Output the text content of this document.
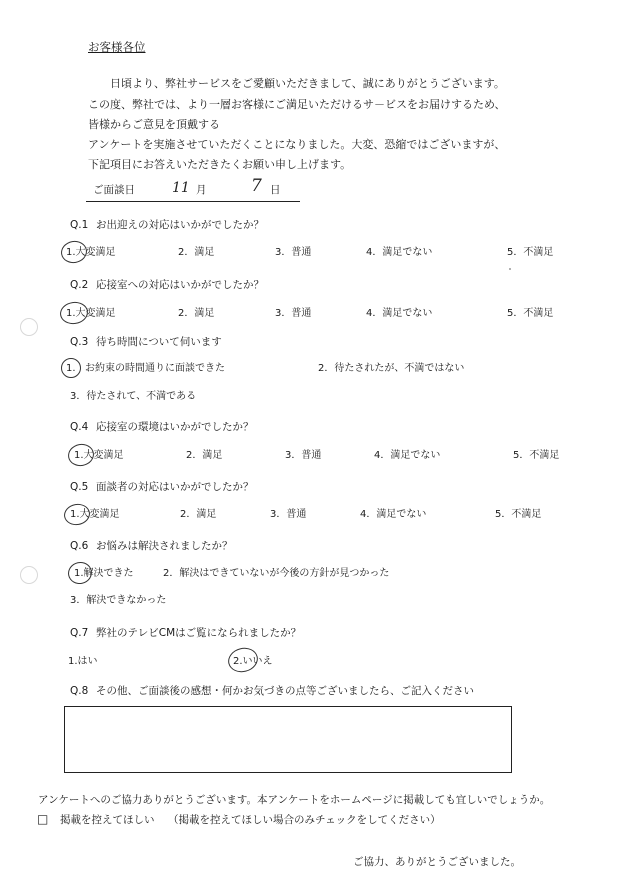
お客様各位
日頃より、弊社サービスをご愛顧いただきまして、誠にありがとうございます。
この度、弊社では、より一層お客様にご満足いただけるサ－ビスをお届けするため、
皆様からご意見を頂戴する
アンケートを実施させていただくことになりました。大変、恐縮ではございますが、
下記項目にお答えいただきたくお願い申し上げます。
ご面談日	11 月	7 日
Q.1 お出迎えの対応はいかがでしたか？
1.大変満足	2．満足	3．普通	4．満足でない	5．不満足
Q.2 応接室への対応はいかがでしたか？
1.大変満足	2．満足	3．普通	4．満足でない	5．不満足
Q.3 待ち時間について伺います
1. お約束の時間通りに面談できた	2．待たされたが、不満ではない
3．待たされて、不満である
Q.4 応接室の環境はいかがでしたか？
1.大変満足	2．満足	3．普通	4．満足でない	5．不満足
Q.5 面談者の対応はいかがでしたか？
1.大変満足	2．満足	3．普通	4．満足でない	5．不満足
Q.6 お悩みは解決されましたか？
1.解決できた	2．解決はできていないが今後の方針が見つかった
3．解決できなかった
Q.7 弊社のテレビCMはご覧になられましたか？
1.はい	2.いいえ
Q.8 その他、ご面談後の感想・何かお気づきの点等ございましたら、ご記入ください
アンケートへのご協力ありがとうございます。本アンケートをホームページに掲載しても宜しいでしょうか。
□ 掲載を控えてほしい （掲載を控えてほしい場合のみチェックをしてください）
ご協力、ありがとうございました。
